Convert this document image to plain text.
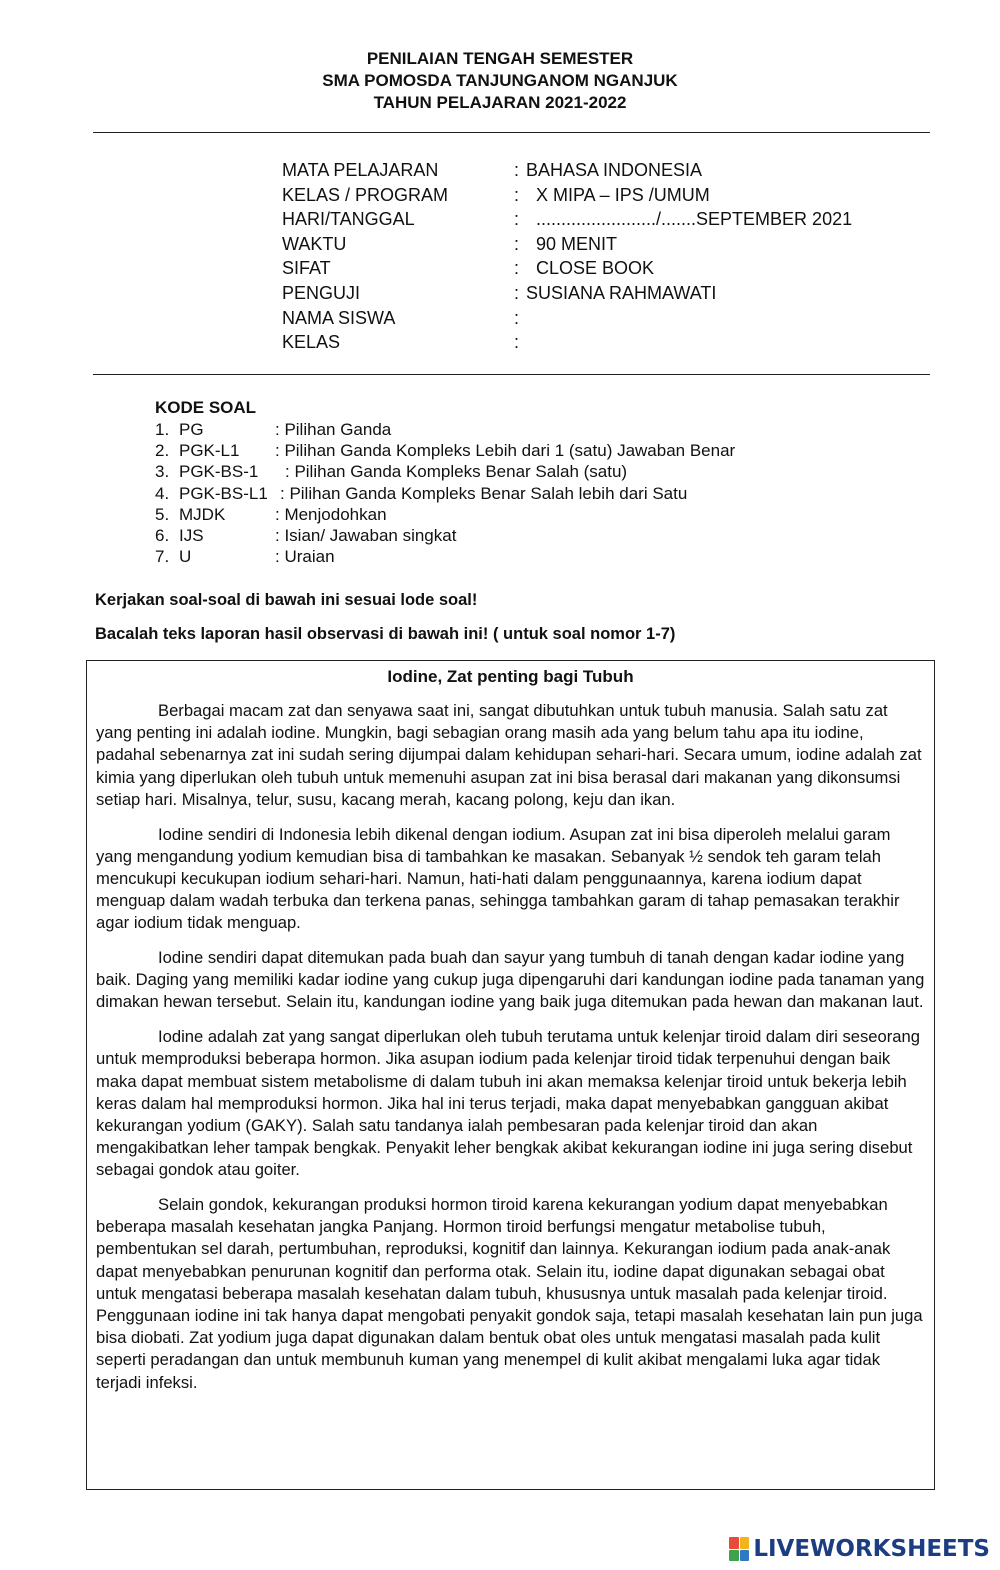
PENILAIAN TENGAH SEMESTER
SMA POMOSDA TANJUNGANOM NGANJUK
TAHUN PELAJARAN 2021-2022
MATA PELAJARAN	: BAHASA INDONESIA
KELAS / PROGRAM	: X MIPA – IPS /UMUM
HARI/TANGGAL	: ......................../.......SEPTEMBER 2021
WAKTU	: 90 MENIT
SIFAT	: CLOSE BOOK
PENGUJI	: SUSIANA RAHMAWATI
NAMA SISWA	:
KELAS	:
KODE SOAL
1. PG	: Pilihan Ganda
2. PGK-L1 : Pilihan Ganda Kompleks Lebih dari 1 (satu) Jawaban Benar
3. PGK-BS-1 : Pilihan Ganda Kompleks Benar Salah (satu)
4. PGK-BS-L1 : Pilihan Ganda Kompleks Benar Salah lebih dari Satu
5. MJDK	: Menjodohkan
6. IJS	: Isian/ Jawaban singkat
7. U	: Uraian
Kerjakan soal-soal di bawah ini sesuai lode soal!
Bacalah teks laporan hasil observasi di bawah ini! ( untuk soal nomor 1-7)
Iodine, Zat penting bagi Tubuh

Berbagai macam zat dan senyawa saat ini, sangat dibutuhkan untuk tubuh manusia. Salah satu zat yang penting ini adalah iodine. Mungkin, bagi sebagian orang masih ada yang belum tahu apa itu iodine, padahal sebenarnya zat ini sudah sering dijumpai dalam kehidupan sehari-hari. Secara umum, iodine adalah zat kimia yang diperlukan oleh tubuh untuk memenuhi asupan zat ini bisa berasal dari makanan yang dikonsumsi setiap hari. Misalnya, telur, susu, kacang merah, kacang polong, keju dan ikan.

Iodine sendiri di Indonesia lebih dikenal dengan iodium. Asupan zat ini bisa diperoleh melalui garam yang mengandung yodium kemudian bisa di tambahkan ke masakan. Sebanyak ½ sendok teh garam telah mencukupi kecukupan iodium sehari-hari. Namun, hati-hati dalam penggunaannya, karena iodium dapat menguap dalam wadah terbuka dan terkena panas, sehingga tambahkan garam di tahap pemasakan terakhir agar iodium tidak menguap.

Iodine sendiri dapat ditemukan pada buah dan sayur yang tumbuh di tanah dengan kadar iodine yang baik. Daging yang memiliki kadar iodine yang cukup juga dipengaruhi dari kandungan iodine pada tanaman yang dimakan hewan tersebut. Selain itu, kandungan iodine yang baik juga ditemukan pada hewan dan makanan laut.

Iodine adalah zat yang sangat diperlukan oleh tubuh terutama untuk kelenjar tiroid dalam diri seseorang untuk memproduksi beberapa hormon. Jika asupan iodium pada kelenjar tiroid tidak terpenuhui dengan baik maka dapat membuat sistem metabolisme di dalam tubuh ini akan memaksa kelenjar tiroid untuk bekerja lebih keras dalam hal memproduksi hormon. Jika hal ini terus terjadi, maka dapat menyebabkan gangguan akibat kekurangan yodium (GAKY). Salah satu tandanya ialah pembesaran pada kelenjar tiroid dan akan mengakibatkan leher tampak bengkak. Penyakit leher bengkak akibat kekurangan iodine ini juga sering disebut sebagai gondok atau goiter.

Selain gondok, kekurangan produksi hormon tiroid karena kekurangan yodium dapat menyebabkan beberapa masalah kesehatan jangka Panjang. Hormon tiroid berfungsi mengatur metabolise tubuh, pembentukan sel darah, pertumbuhan, reproduksi, kognitif dan lainnya. Kekurangan iodium pada anak-anak dapat menyebabkan penurunan kognitif dan performa otak. Selain itu, iodine dapat digunakan sebagai obat untuk mengatasi beberapa masalah kesehatan dalam tubuh, khususnya untuk masalah pada kelenjar tiroid. Penggunaan iodine ini tak hanya dapat mengobati penyakit gondok saja, tetapi masalah kesehatan lain pun juga bisa diobati. Zat yodium juga dapat digunakan dalam bentuk obat oles untuk mengatasi masalah pada kulit seperti peradangan dan untuk membunuh kuman yang menempel di kulit akibat mengalami luka agar tidak terjadi infeksi.

LIVEWORKSHEETS
